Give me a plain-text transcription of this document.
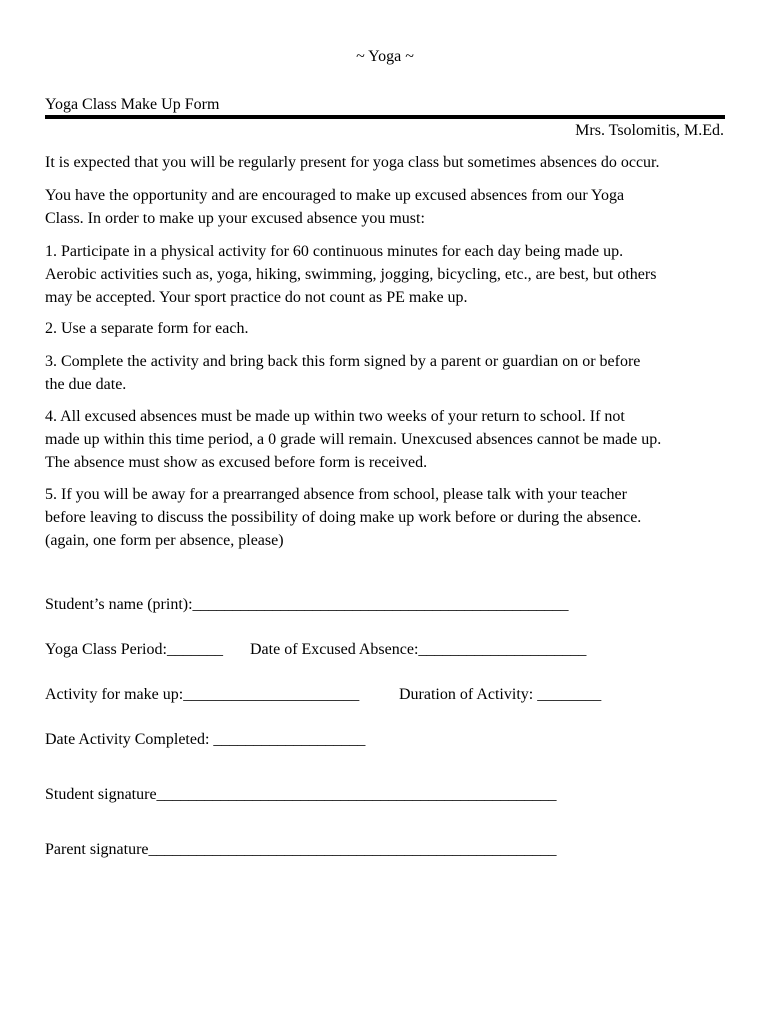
~ Yoga ~
Yoga Class Make Up Form
Mrs. Tsolomitis, M.Ed.
It is expected that you will be regularly present for yoga class but sometimes absences do occur.
You have the opportunity and are encouraged to make up excused absences from our Yoga
Class. In order to make up your excused absence you must:
1. Participate in a physical activity for 60 continuous minutes for each day being made up.
Aerobic activities such as, yoga, hiking, swimming, jogging, bicycling, etc., are best, but others
may be accepted. Your sport practice do not count as PE make up.
2. Use a separate form for each.
3. Complete the activity and bring back this form signed by a parent or guardian on or before
the due date.
4. All excused absences must be made up within two weeks of your return to school. If not
made up within this time period, a 0 grade will remain. Unexcused absences cannot be made up.
The absence must show as excused before form is received.
5. If you will be away for a prearranged absence from school, please talk with your teacher
before leaving to discuss the possibility of doing make up work before or during the absence.
(again, one form per absence, please)
Student’s name (print):_______________________________________________
Yoga Class Period:_______ Date of Excused Absence:_____________________
Activity for make up:______________________ Duration of Activity: ________
Date Activity Completed: ___________________
Student signature__________________________________________________
Parent signature___________________________________________________
